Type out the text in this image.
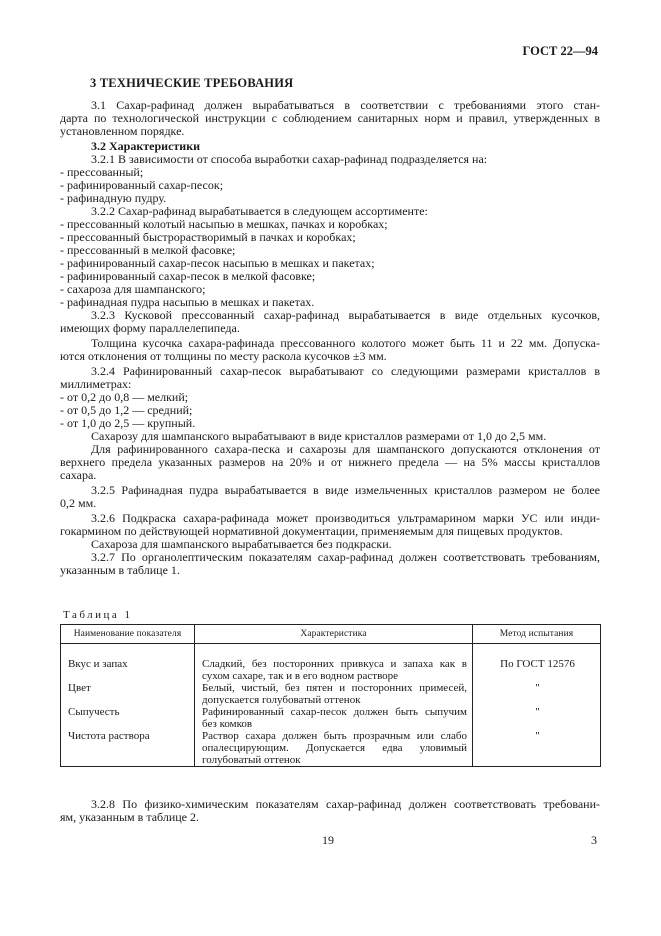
ГОСТ 22—94
3 ТЕХНИЧЕСКИЕ ТРЕБОВАНИЯ

3.1 Сахар-рафинад должен вырабатываться в соответствии с требованиями этого стан-

дарта по технологической инструкции с соблюдением санитарных норм и правил, утвержденных в

установленном порядке.

3.2 Характеристики

3.2.1 В зависимости от способа выработки сахар-рафинад подразделяется на:

- прессованный;

- рафинированный сахар-песок;

- рафинадную пудру.

3.2.2 Сахар-рафинад вырабатывается в следующем ассортименте:

- прессованный колотый насыпью в мешках, пачках и коробках;

- прессованный быстрорастворимый в пачках и коробках;

- прессованный в мелкой фасовке;

- рафинированный сахар-песок насыпью в мешках и пакетах;

- рафинированный сахар-песок в мелкой фасовке;

- сахароза для шампанского;

- рафинадная пудра насыпью в мешках и пакетах.

3.2.3 Кусковой прессованный сахар-рафинад вырабатывается в виде отдельных кусочков,

имеющих форму параллелепипеда.

Толщина кусочка сахара-рафинада прессованного колотого может быть 11 и 22 мм. Допуска-

ются отклонения от толщины по месту раскола кусочков ±3 мм.

3.2.4 Рафинированный сахар-песок вырабатывают со следующими размерами кристаллов в

миллиметрах:

- от 0,2 до 0,8 — мелкий;

- от 0,5 до 1,2 — средний;

- от 1,0 до 2,5 — крупный.

Сахарозу для шампанского вырабатывают в виде кристаллов размерами от 1,0 до 2,5 мм.

Для рафинированного сахара-песка и сахарозы для шампанского допускаются отклонения от

верхнего предела указанных размеров на 20% и от нижнего предела — на 5% массы кристаллов

сахара.

3.2.5 Рафинадная пудра вырабатывается в виде измельченных кристаллов размером не более

0,2 мм.

3.2.6 Подкраска сахара-рафинада может производиться ультрамарином марки УС или инди-

гокармином по действующей нормативной документации, применяемым для пищевых продуктов.

Сахароза для шампанского вырабатывается без подкраски.

3.2.7 По органолептическим показателям сахар-рафинад должен соответствовать требованиям,

указанным в таблице 1.

Таблица 1
Наименование показателя	Характеристика	Метод испытания

Вкус и запах	Сладкий, без посторонних привкуса и запаха как в сухом сахаре, так и в его водном растворе	По ГОСТ 12576
Цвет	Белый, чистый, без пятен и посторонних примесей, допускается голубоватый оттенок	"
Сыпучесть	Рафинированный сахар-песок должен быть сыпучим без комков	"
Чистота раствора	Раствор сахара должен быть прозрачным или слабо опалесцирующим. Допускается едва уловимый голубоватый оттенок	"

3.2.8 По физико-химическим показателям сахар-рафинад должен соответствовать требовани-

ям, указанным в таблице 2.

19	3
